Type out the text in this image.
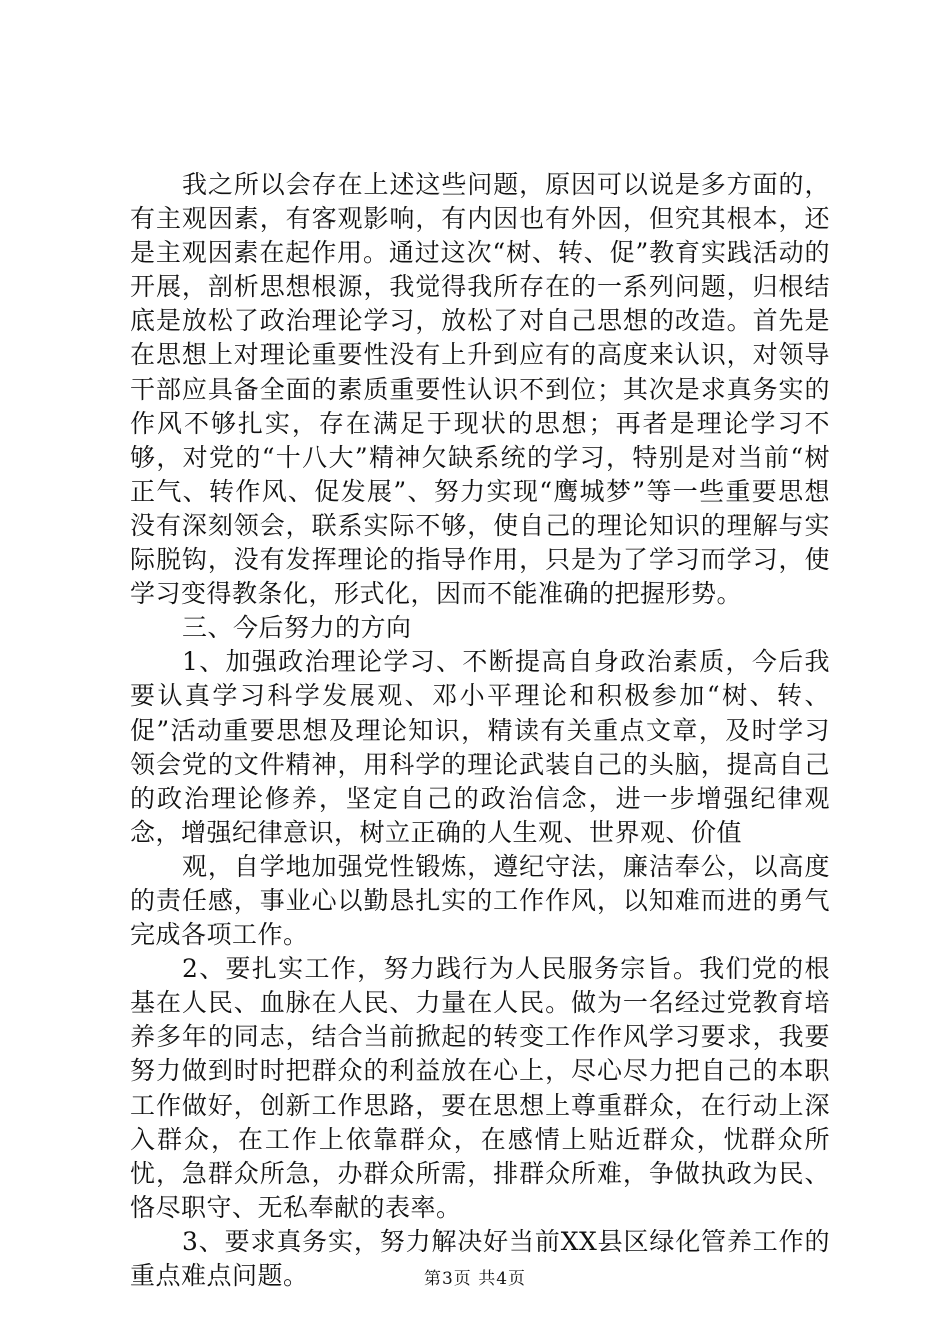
我之所以会存在上述这些问题，原因可以说是多方面的，有主观因素，有客观影响，有内因也有外因，但究其根本，还是主观因素在起作用。通过这次“树、转、促”教育实践活动的开展，剖析思想根源，我觉得我所存在的一系列问题，归根结底是放松了政治理论学习，放松了对自己思想的改造。首先是在思想上对理论重要性没有上升到应有的高度来认识，对领导干部应具备全面的素质重要性认识不到位；其次是求真务实的作风不够扎实，存在满足于现状的思想；再者是理论学习不够，对党的“十八大”精神欠缺系统的学习，特别是对当前“树正气、转作风、促发展”、努力实现“鹰城梦”等一些重要思想没有深刻领会，联系实际不够，使自己的理论知识的理解与实际脱钩，没有发挥理论的指导作用，只是为了学习而学习，使学习变得教条化，形式化，因而不能准确的把握形势。

三、今后努力的方向

1、加强政治理论学习、不断提高自身政治素质，今后我要认真学习科学发展观、邓小平理论和积极参加“树、转、促”活动重要思想及理论知识，精读有关重点文章，及时学习领会党的文件精神，用科学的理论武装自己的头脑，提高自己的政治理论修养，坚定自己的政治信念，进一步增强纪律观念，增强纪律意识，树立正确的人生观、世界观、价值

观，自学地加强党性锻炼，遵纪守法，廉洁奉公，以高度的责任感，事业心以勤恳扎实的工作作风，以知难而进的勇气完成各项工作。

2、要扎实工作，努力践行为人民服务宗旨。我们党的根基在人民、血脉在人民、力量在人民。做为一名经过党教育培养多年的同志，结合当前掀起的转变工作作风学习要求，我要努力做到时时把群众的利益放在心上，尽心尽力把自己的本职工作做好，创新工作思路，要在思想上尊重群众，在行动上深入群众，在工作上依靠群众，在感情上贴近群众，忧群众所忧，急群众所急，办群众所需，排群众所难，争做执政为民、恪尽职守、无私奉献的表率。

3、要求真务实，努力解决好当前XX县区绿化管养工作的重点难点问题。	第3页 共4页
